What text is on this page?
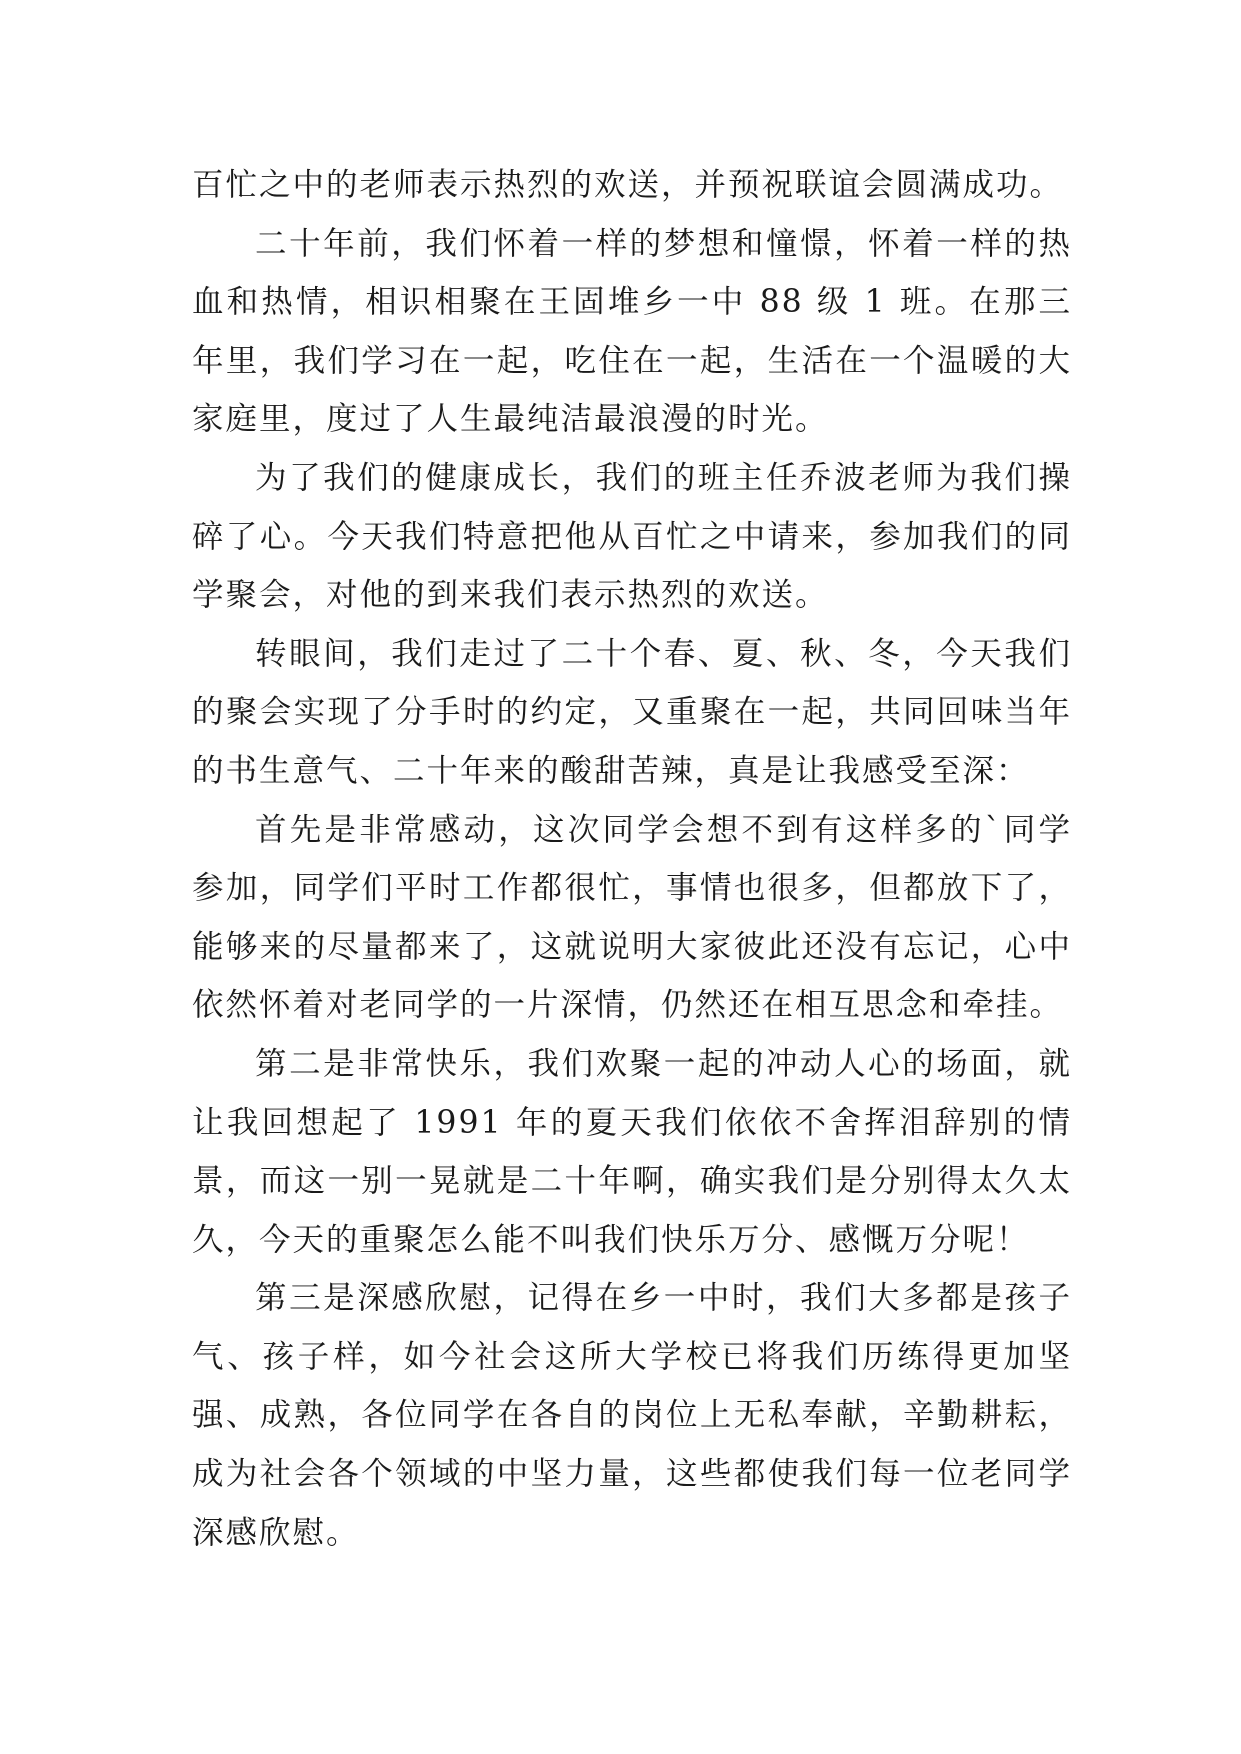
百忙之中的老师表示热烈的欢送，并预祝联谊会圆满成功。

二十年前，我们怀着一样的梦想和憧憬，怀着一样的热血和热情，相识相聚在王固堆乡一中 88 级 1 班。在那三年里，我们学习在一起，吃住在一起，生活在一个温暖的大家庭里，度过了人生最纯洁最浪漫的时光。

为了我们的健康成长，我们的班主任乔波老师为我们操碎了心。今天我们特意把他从百忙之中请来，参加我们的同学聚会，对他的到来我们表示热烈的欢送。

转眼间，我们走过了二十个春、夏、秋、冬，今天我们的聚会实现了分手时的约定，又重聚在一起，共同回味当年的书生意气、二十年来的酸甜苦辣，真是让我感受至深：

首先是非常感动，这次同学会想不到有这样多的`同学参加，同学们平时工作都很忙，事情也很多，但都放下了，能够来的尽量都来了，这就说明大家彼此还没有忘记，心中依然怀着对老同学的一片深情，仍然还在相互思念和牵挂。

第二是非常快乐，我们欢聚一起的冲动人心的场面，就让我回想起了 1991 年的夏天我们依依不舍挥泪辞别的情景，而这一别一晃就是二十年啊，确实我们是分别得太久太久，今天的重聚怎么能不叫我们快乐万分、感慨万分呢！

第三是深感欣慰，记得在乡一中时，我们大多都是孩子气、孩子样，如今社会这所大学校已将我们历练得更加坚强、成熟，各位同学在各自的岗位上无私奉献，辛勤耕耘，成为社会各个领域的中坚力量，这些都使我们每一位老同学深感欣慰。
